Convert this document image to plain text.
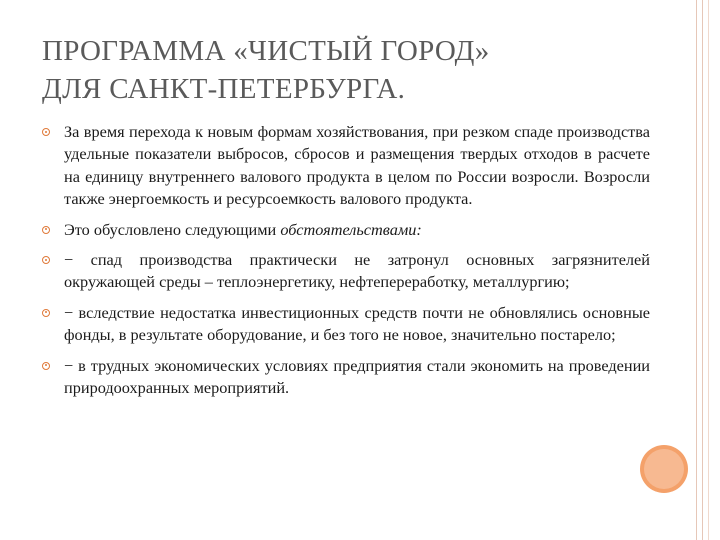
ПРОГРАММА «ЧИСТЫЙ ГОРОД»
ДЛЯ САНКТ-ПЕТЕРБУРГА.
За время перехода к новым формам хозяйствования, при резком спаде производства удельные показатели выбросов, сбросов и размещения твердых отходов в расчете на единицу внутреннего валового продукта в целом по России возросли. Возросли также энергоемкость и ресурсоемкость валового продукта.
Это обусловлено следующими обстоятельствами:
− спад производства практически не затронул основных загрязнителей окружающей среды – теплоэнергетику, нефтепереработку, металлургию;
− вследствие недостатка инвестиционных средств почти не обновлялись основные фонды, в результате оборудование, и без того не новое, значительно постарело;
− в трудных экономических условиях предприятия стали экономить на проведении природоохранных мероприятий.
